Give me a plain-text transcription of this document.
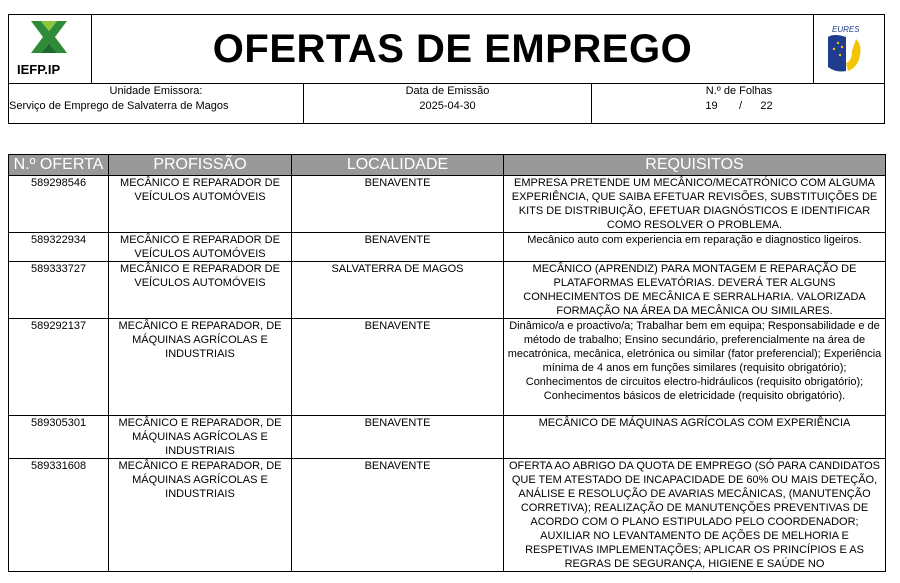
IEFP.IP	OFERTAS DE EMPREGO	EURES
Unidade Emissora:
Serviço de Emprego de Salvaterra de Magos
Data de Emissão
2025-04-30
N.º de Folhas
19       /      22
N.º OFERTA	PROFISSÃO	LOCALIDADE	REQUISITOS
589298546	MECÂNICO E REPARADOR DE VEÍCULOS AUTOMÓVEIS	BENAVENTE	EMPRESA PRETENDE UM MECÂNICO/MECATRÓNICO COM ALGUMA EXPERIÊNCIA, QUE SAIBA EFETUAR REVISÕES, SUBSTITUIÇÕES DE KITS DE DISTRIBUIÇÃO, EFETUAR DIAGNÓSTICOS E IDENTIFICAR COMO RESOLVER O PROBLEMA.
589322934	MECÂNICO E REPARADOR DE VEÍCULOS AUTOMÓVEIS	BENAVENTE	Mecânico auto com experiencia em reparação e diagnostico ligeiros.
589333727	MECÂNICO E REPARADOR DE VEÍCULOS AUTOMÓVEIS	SALVATERRA DE MAGOS	MECÂNICO (APRENDIZ) PARA MONTAGEM E REPARAÇÃO DE PLATAFORMAS ELEVATÓRIAS. DEVERÁ TER ALGUNS CONHECIMENTOS DE MECÂNICA E SERRALHARIA. VALORIZADA FORMAÇÃO NA ÁREA DA MECÂNICA OU SIMILARES.
589292137	MECÂNICO E REPARADOR, DE MÁQUINAS AGRÍCOLAS E INDUSTRIAIS	BENAVENTE	Dinâmico/a e proactivo/a; Trabalhar bem em equipa; Responsabilidade e de método de trabalho; Ensino secundário, preferencialmente na área de mecatrónica, mecânica, eletrónica ou similar (fator preferencial); Experiência mínima de 4 anos em funções similares (requisito obrigatório); Conhecimentos de circuitos electro-hidráulicos (requisito obrigatório); Conhecimentos básicos de eletricidade (requisito obrigatório).
589305301	MECÂNICO E REPARADOR, DE MÁQUINAS AGRÍCOLAS E INDUSTRIAIS	BENAVENTE	MECÂNICO DE MÁQUINAS AGRÍCOLAS COM EXPERIÊNCIA
589331608	MECÂNICO E REPARADOR, DE MÁQUINAS AGRÍCOLAS E INDUSTRIAIS	BENAVENTE	OFERTA AO ABRIGO DA QUOTA DE EMPREGO (SÓ PARA CANDIDATOS QUE TEM ATESTADO DE INCAPACIDADE DE 60% OU MAIS DETEÇÃO, ANÁLISE E RESOLUÇÃO DE AVARIAS MECÂNICAS, (MANUTENÇÃO CORRETIVA); REALIZAÇÃO DE MANUTENÇÕES PREVENTIVAS DE ACORDO COM O PLANO ESTIPULADO PELO COORDENADOR; AUXILIAR NO LEVANTAMENTO DE AÇÕES DE MELHORIA E RESPETIVAS IMPLEMENTAÇÕES; APLICAR OS PRINCÍPIOS E AS REGRAS DE SEGURANÇA, HIGIENE E SAÚDE NO
